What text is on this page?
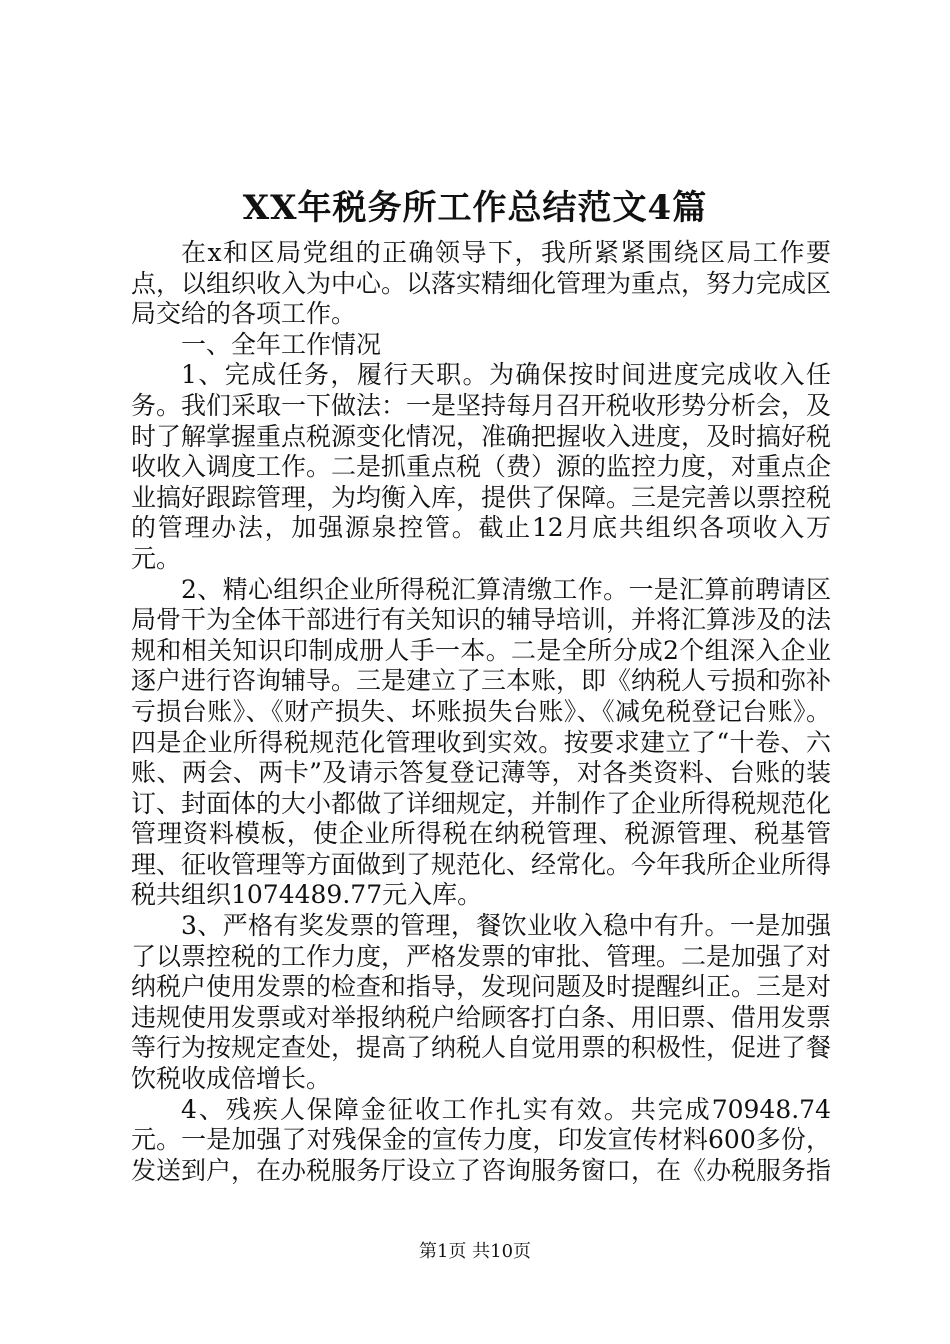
XX年税务所工作总结范文4篇

在x和区局党组的正确领导下，我所紧紧围绕区局工作要点，以组织收入为中心。以落实精细化管理为重点，努力完成区局交给的各项工作。

一、全年工作情况

1、完成任务，履行天职。为确保按时间进度完成收入任务。我们采取一下做法：一是坚持每月召开税收形势分析会，及时了解掌握重点税源变化情况，准确把握收入进度，及时搞好税收收入调度工作。二是抓重点税（费）源的监控力度，对重点企业搞好跟踪管理，为均衡入库，提供了保障。三是完善以票控税的管理办法，加强源泉控管。截止12月底共组织各项收入万元。

2、精心组织企业所得税汇算清缴工作。一是汇算前聘请区局骨干为全体干部进行有关知识的辅导培训，并将汇算涉及的法规和相关知识印制成册人手一本。二是全所分成2个组深入企业逐户进行咨询辅导。三是建立了三本账，即《纳税人亏损和弥补亏损台账》、《财产损失、坏账损失台账》、《减免税登记台账》。四是企业所得税规范化管理收到实效。按要求建立了“十卷、六账、两会、两卡”及请示答复登记薄等，对各类资料、台账的装订、封面体的大小都做了详细规定，并制作了企业所得税规范化管理资料模板，使企业所得税在纳税管理、税源管理、税基管理、征收管理等方面做到了规范化、经常化。今年我所企业所得税共组织1074489.77元入库。

3、严格有奖发票的管理，餐饮业收入稳中有升。一是加强了以票控税的工作力度，严格发票的审批、管理。二是加强了对纳税户使用发票的检查和指导，发现问题及时提醒纠正。三是对违规使用发票或对举报纳税户给顾客打白条、用旧票、借用发票等行为按规定查处，提高了纳税人自觉用票的积极性，促进了餐饮税收成倍增长。

4、残疾人保障金征收工作扎实有效。共完成70948.74元。一是加强了对残保金的宣传力度，印发宣传材料600多份，发送到户，在办税服务厅设立了咨询服务窗口，在《办税服务指

第1页 共10页
